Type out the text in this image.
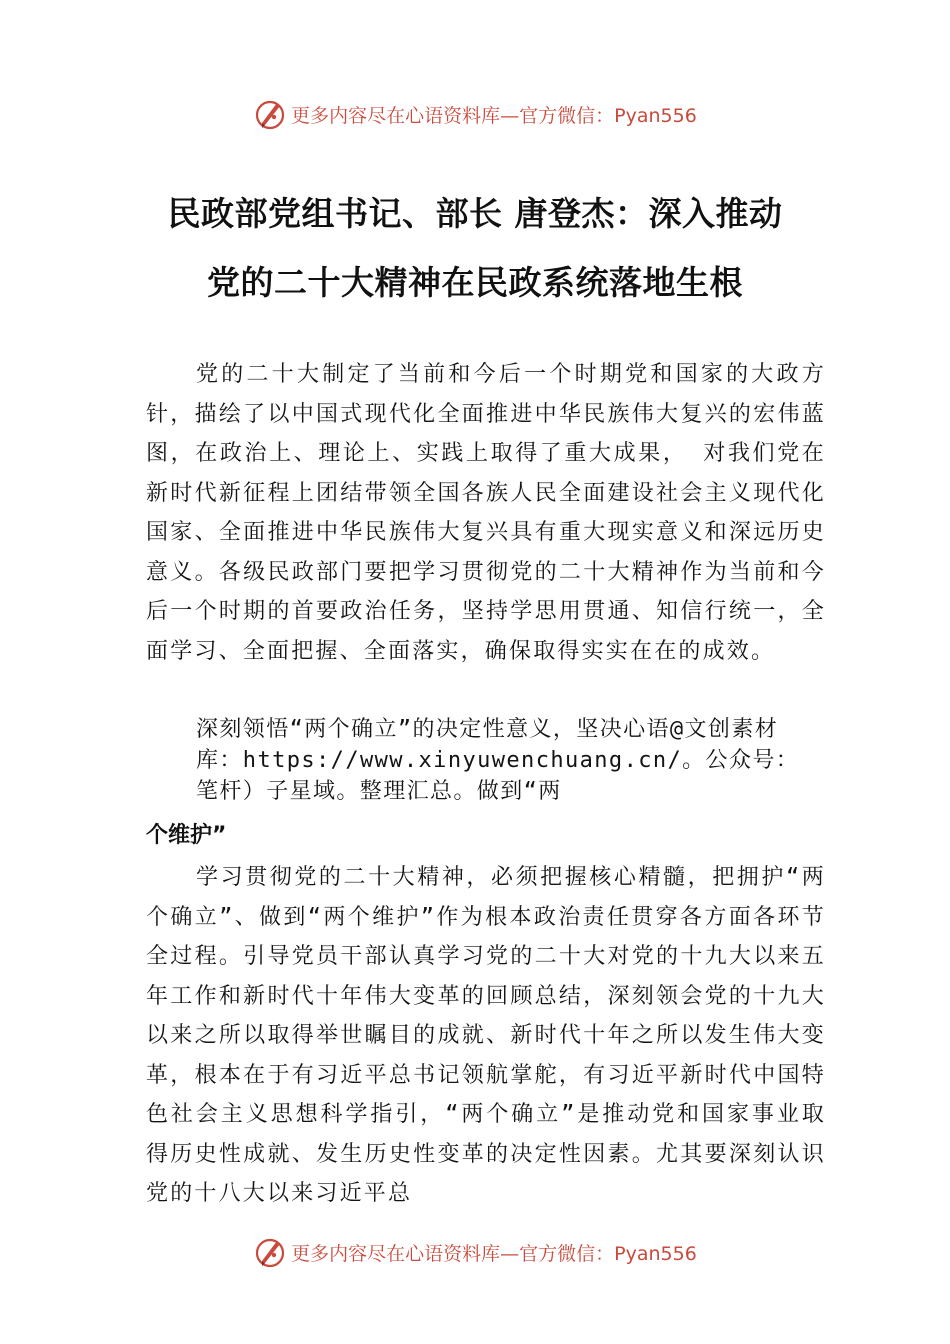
更多内容尽在心语资料库—官方微信：Pyan556
民政部党组书记、部长 唐登杰：深入推动
党的二十大精神在民政系统落地生根

党的二十大制定了当前和今后一个时期党和国家的大政方针，描绘了以中国式现代化全面推进中华民族伟大复兴的宏伟蓝图，在政治上、理论上、实践上取得了重大成果， 对我们党在新时代新征程上团结带领全国各族人民全面建设社会主义现代化国家、全面推进中华民族伟大复兴具有重大现实意义和深远历史意义。各级民政部门要把学习贯彻党的二十大精神作为当前和今后一个时期的首要政治任务，坚持学思用贯通、知信行统一，全面学习、全面把握、全面落实，确保取得实实在在的成效。

深刻领悟“两个确立”的决定性意义，坚决心语@文创素材库：https://www.xinyuwenchuang.cn/。公众号：笔杆）子星域。整理汇总。做到“两

个维护”

学习贯彻党的二十大精神，必须把握核心精髓，把拥护“两个确立”、做到“两个维护”作为根本政治责任贯穿各方面各环节全过程。引导党员干部认真学习党的二十大对党的十九大以来五年工作和新时代十年伟大变革的回顾总结，深刻领会党的十九大以来之所以取得举世瞩目的成就、新时代十年之所以发生伟大变革，根本在于有习近平总书记领航掌舵，有习近平新时代中国特色社会主义思想科学指引，“两个确立”是推动党和国家事业取得历史性成就、发生历史性变革的决定性因素。尤其要深刻认识党的十八大以来习近平总

更多内容尽在心语资料库—官方微信：Pyan556
